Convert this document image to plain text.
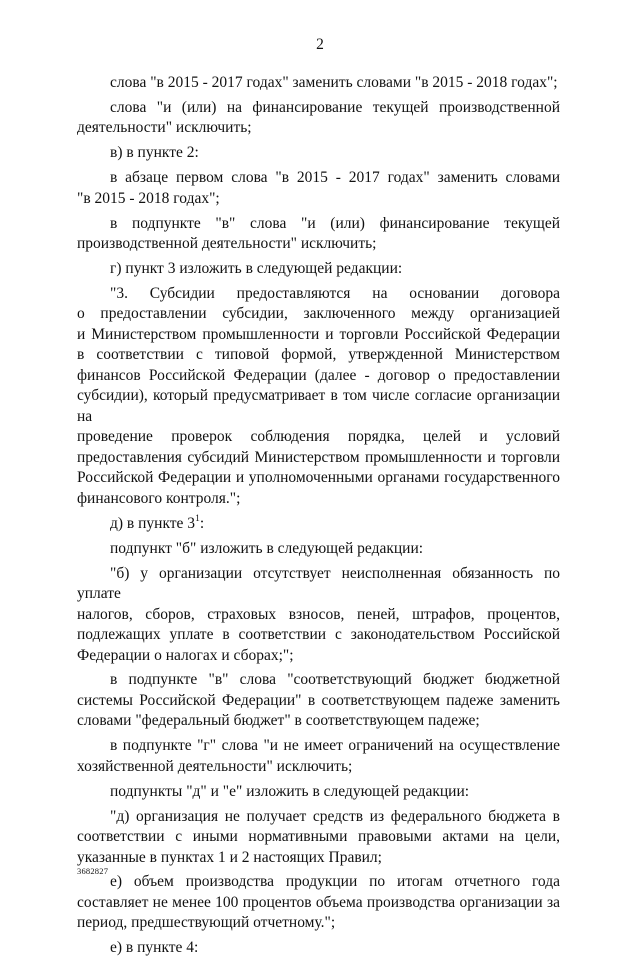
2
слова "в 2015 - 2017 годах" заменить словами "в 2015 - 2018 годах";
слова "и (или) на финансирование текущей производственной
деятельности" исключить;
в) в пункте 2:
в абзаце первом слова "в 2015 - 2017 годах" заменить словами
"в 2015 - 2018 годах";
в подпункте "в" слова "и (или) финансирование текущей
производственной деятельности" исключить;
г) пункт 3 изложить в следующей редакции:
"3. Субсидии предоставляются на основании договора
о предоставлении субсидии, заключенного между организацией
и Министерством промышленности и торговли Российской Федерации
в соответствии с типовой формой, утвержденной Министерством
финансов Российской Федерации (далее - договор о предоставлении
субсидии), который предусматривает в том числе согласие организации на
проведение проверок соблюдения порядка, целей и условий
предоставления субсидий Министерством промышленности и торговли
Российской Федерации и уполномоченными органами государственного
финансового контроля.";
д) в пункте $3^1$:
подпункт "б" изложить в следующей редакции:
"б) у организации отсутствует неисполненная обязанность по уплате
налогов, сборов, страховых взносов, пеней, штрафов, процентов,
подлежащих уплате в соответствии с законодательством Российской
Федерации о налогах и сборах;";
в подпункте "в" слова "соответствующий бюджет бюджетной
системы Российской Федерации" в соответствующем падеже заменить
словами "федеральный бюджет" в соответствующем падеже;
в подпункте "г" слова "и не имеет ограничений на осуществление
хозяйственной деятельности" исключить;
подпункты "д" и "е" изложить в следующей редакции:
"д) организация не получает средств из федерального бюджета в
соответствии с иными нормативными правовыми актами на цели,
указанные в пунктах 1 и 2 настоящих Правил;
е) объем производства продукции по итогам отчетного года
составляет не менее 100 процентов объема производства организации за
период, предшествующий отчетному.";
е) в пункте 4:
3682827
